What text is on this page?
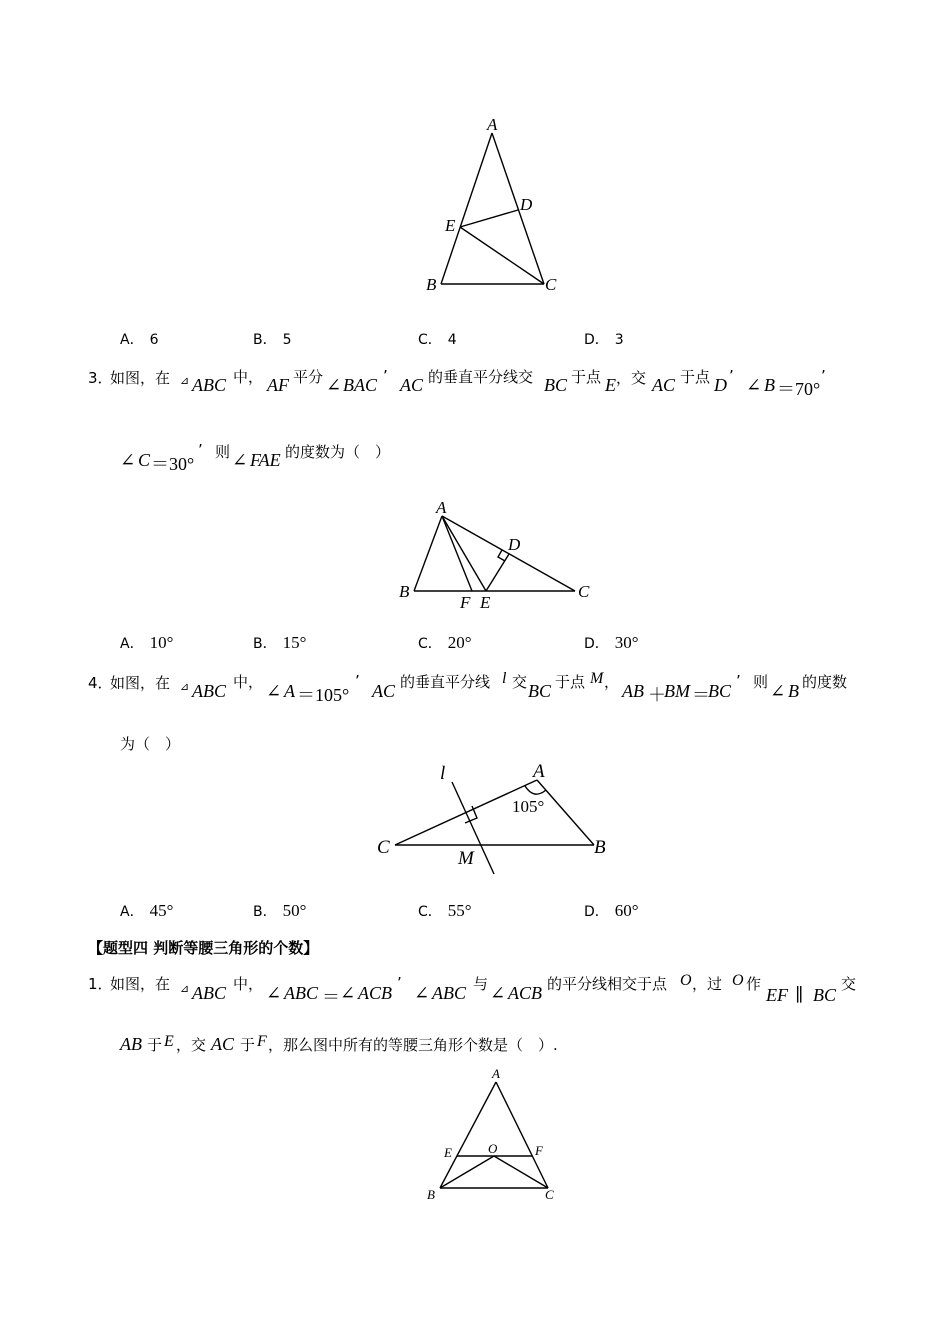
A
D
E
B	C
A． 6	B． 5	C． 4	D． 3
3．
如图，在 ⊿ ABC 中， AF 平分 ∠ BAC ’ AC 的垂直平分线交 BC 于点 E ，交 AC 于点 D ’ ∠ B ＝70°
’
∠ C ＝30°
’ 则 ∠ FAE 的度数为（　）
A
D
B
F E
C
A． 10°	B． 15°	C． 20°	D． 30°
4．
如图，在 ⊿ ABC 中， ∠ A ＝105°
’ AC 的垂直平分线 l 交 BC 于点 M ， AB ＋
BM ＝
BC ’ 则 ∠ B 的度数
为（　）
l	A
105°
C
M
B
A． 45°	B． 50°	C． 55°	D． 60°
【题型四 判断等腰三角形的个数】
1．
如图，在 ⊿ ABC 中， ∠ ABC ＝ ∠ ACB ’ ∠ ABC 与 ∠ ACB 的平分线相交于点 O ，过 O 作
EF ∥ BC
交
AB 于 E ，交 AC 于 F ，那么图中所有的等腰三角形个数是（　）.
A
E	O	F
B	C
